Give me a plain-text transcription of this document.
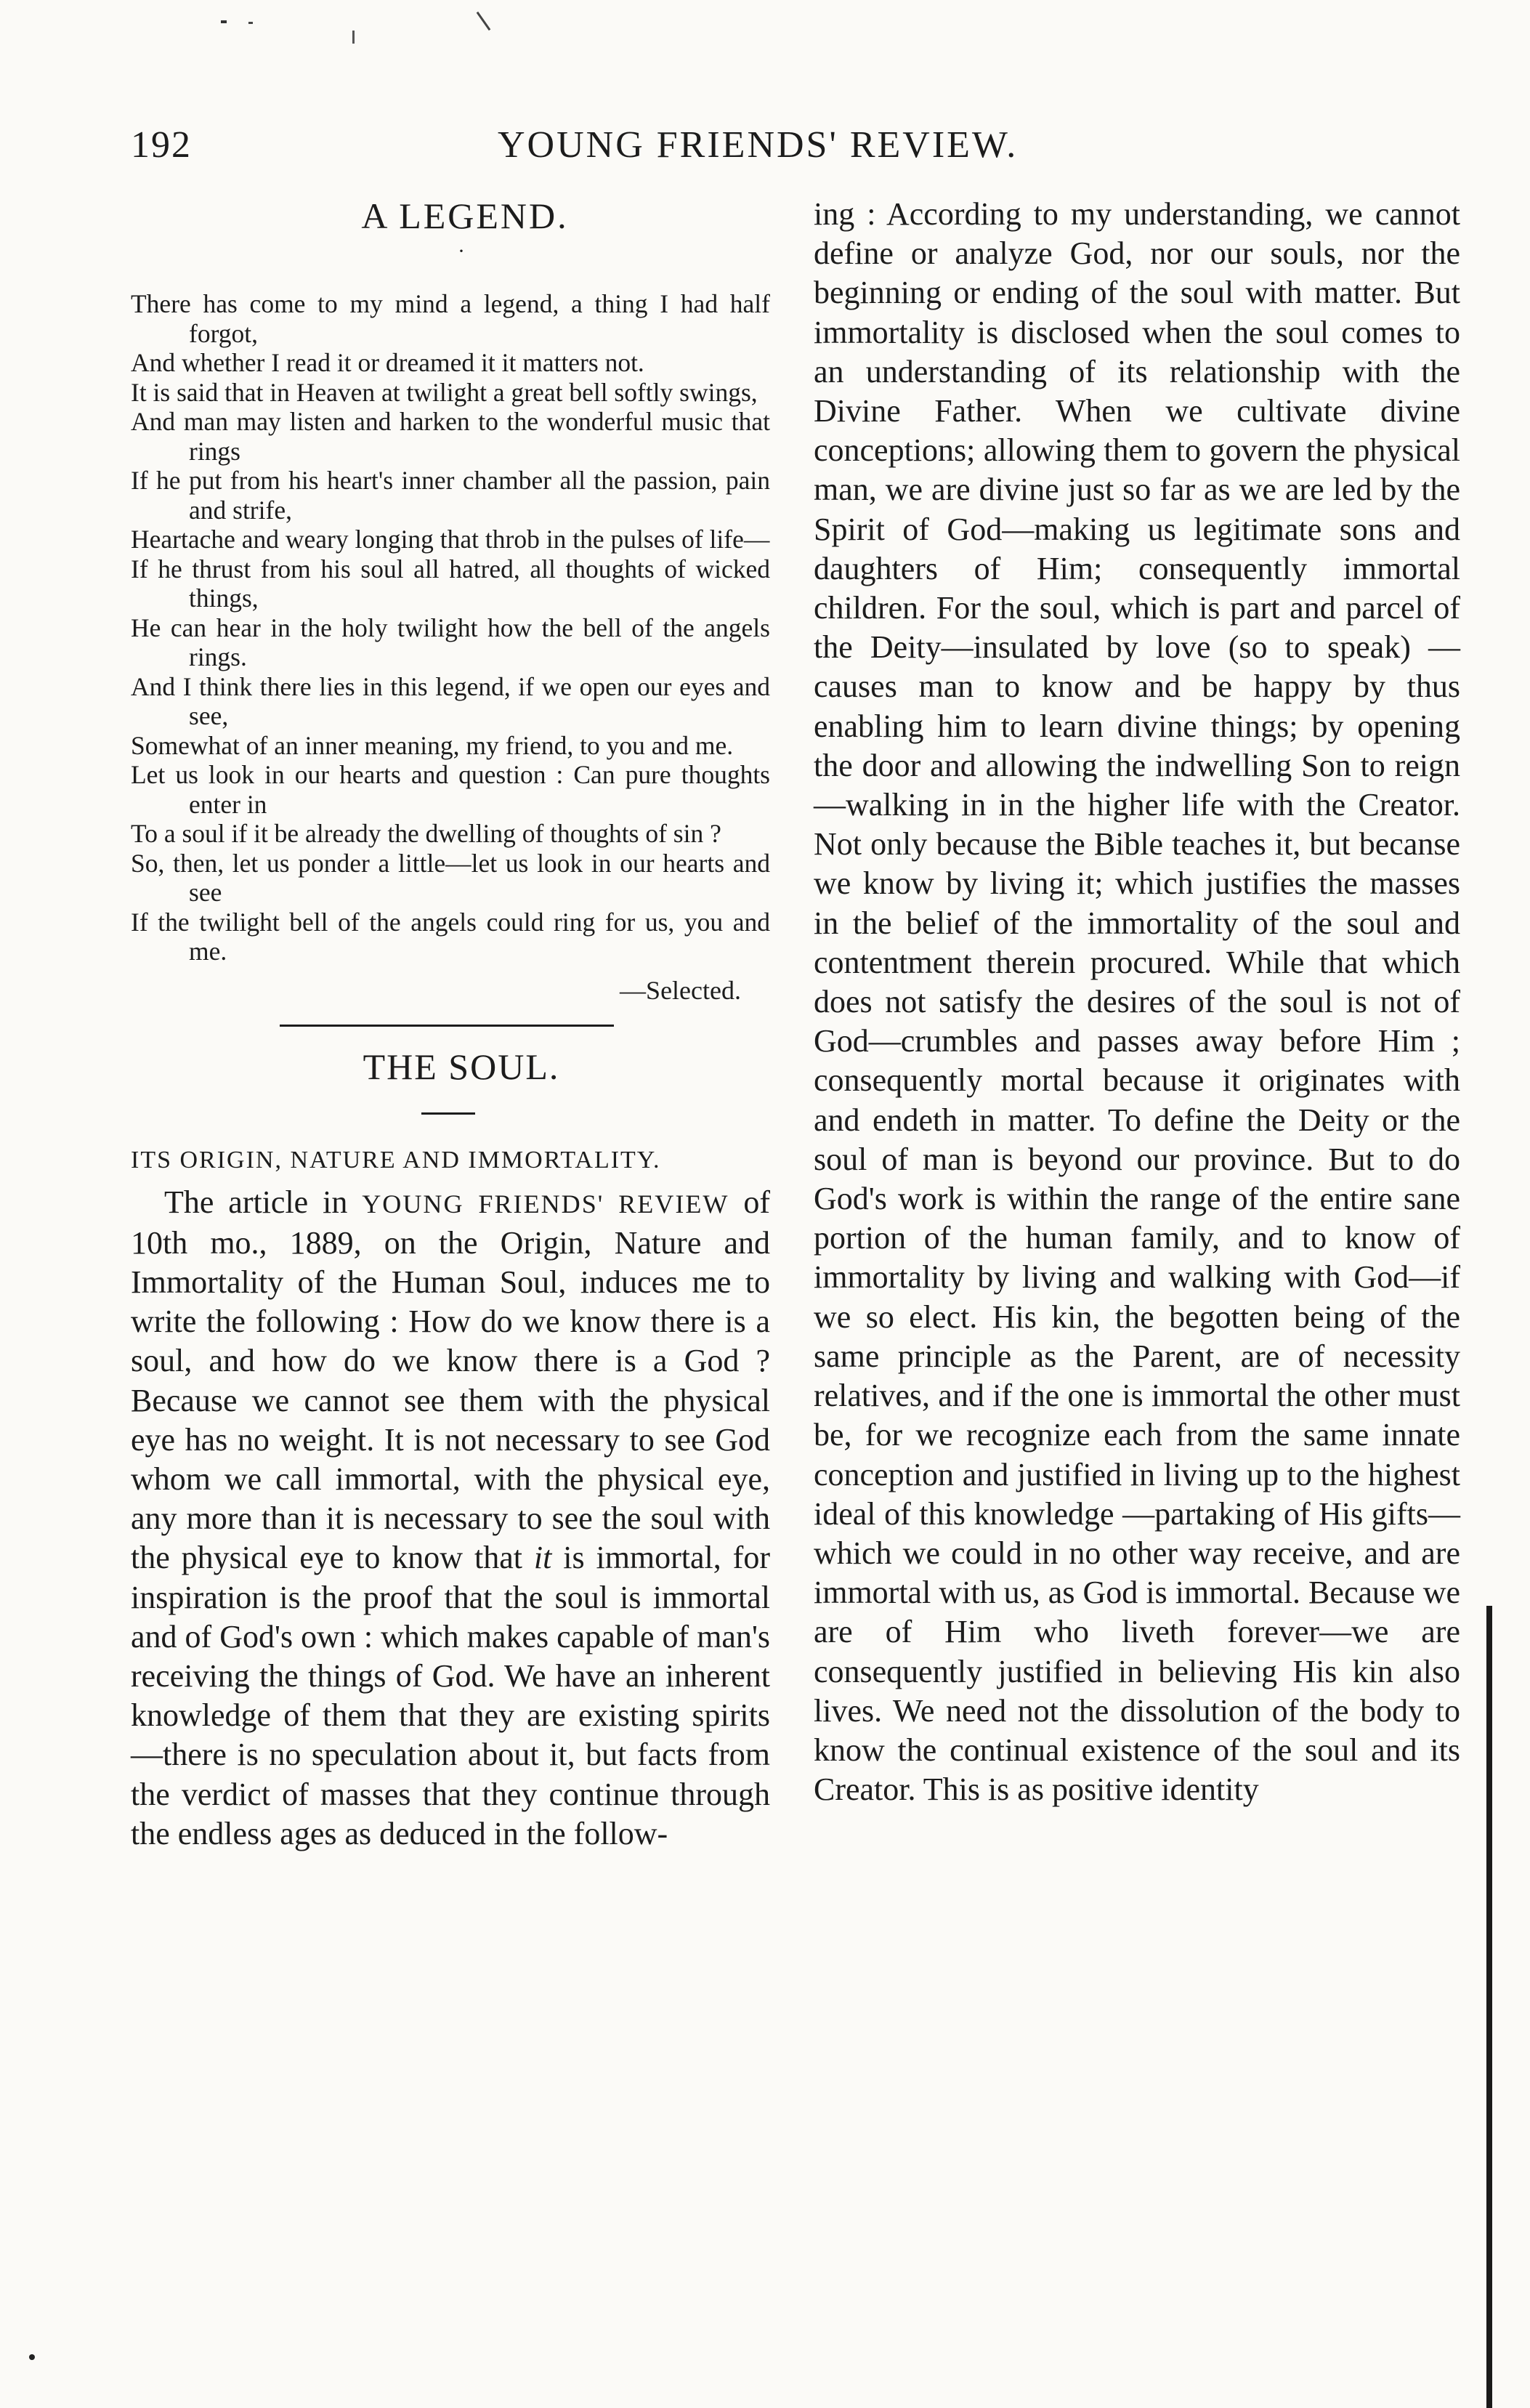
192	YOUNG FRIENDS' REVIEW.
A LEGEND.
·
There has come to my mind a legend, a thing I had half forgot,
And whether I read it or dreamed it it matters not.
It is said that in Heaven at twilight a great bell softly swings,
And man may listen and harken to the wonderful music that rings
If he put from his heart's inner chamber all the passion, pain and strife,
Heartache and weary longing that throb in the pulses of life—
If he thrust from his soul all hatred, all thoughts of wicked things,
He can hear in the holy twilight how the bell of the angels rings.
And I think there lies in this legend, if we open our eyes and see,
Somewhat of an inner meaning, my friend, to you and me.
Let us look in our hearts and question : Can pure thoughts enter in
To a soul if it be already the dwelling of thoughts of sin ?
So, then, let us ponder a little—let us look in our hearts and see
If the twilight bell of the angels could ring for us, you and me.
—Selected.
THE SOUL.
ITS ORIGIN, NATURE AND IMMORTALITY.

The article in YOUNG FRIENDS' REVIEW of 10th mo., 1889, on the Origin, Nature and Immortality of the Human Soul, induces me to write the following : How do we know there is a soul, and how do we know there is a God ? Because we cannot see them with the physical eye has no weight. It is not necessary to see God whom we call immortal, with the physical eye, any more than it is necessary to see the soul with the physical eye to know that it is immortal, for inspiration is the proof that the soul is immortal and of God's own : which makes capable of man's receiving the things of God. We have an inherent knowledge of them that they are existing spirits—there is no speculation about it, but facts from the verdict of masses that they continue through the endless ages as deduced in the follow-

ing : According to my understanding, we cannot define or analyze God, nor our souls, nor the beginning or ending of the soul with matter. But immortality is disclosed when the soul comes to an understanding of its relationship with the Divine Father. When we cultivate divine conceptions; allowing them to govern the physical man, we are divine just so far as we are led by the Spirit of God—making us legitimate sons and daughters of Him; consequently immortal children. For the soul, which is part and parcel of the Deity—insulated by love (so to speak) —causes man to know and be happy by thus enabling him to learn divine things; by opening the door and allowing the indwelling Son to reign—walking in in the higher life with the Creator. Not only because the Bible teaches it, but becanse we know by living it; which justifies the masses in the belief of the immortality of the soul and contentment therein procured. While that which does not satisfy the desires of the soul is not of God—crumbles and passes away before Him ; consequently mortal because it originates with and endeth in matter. To define the Deity or the soul of man is beyond our province. But to do God's work is within the range of the entire sane portion of the human family, and to know of immortality by living and walking with God—if we so elect. His kin, the begotten being of the same principle as the Parent, are of necessity relatives, and if the one is immortal the other must be, for we recognize each from the same innate conception and justified in living up to the highest ideal of this knowledge —partaking of His gifts—which we could in no other way receive, and are immortal with us, as God is immortal. Because we are of Him who liveth forever—we are consequently justified in believing His kin also lives. We need not the dissolution of the body to know the continual existence of the soul and its Creator. This is as positive identity
